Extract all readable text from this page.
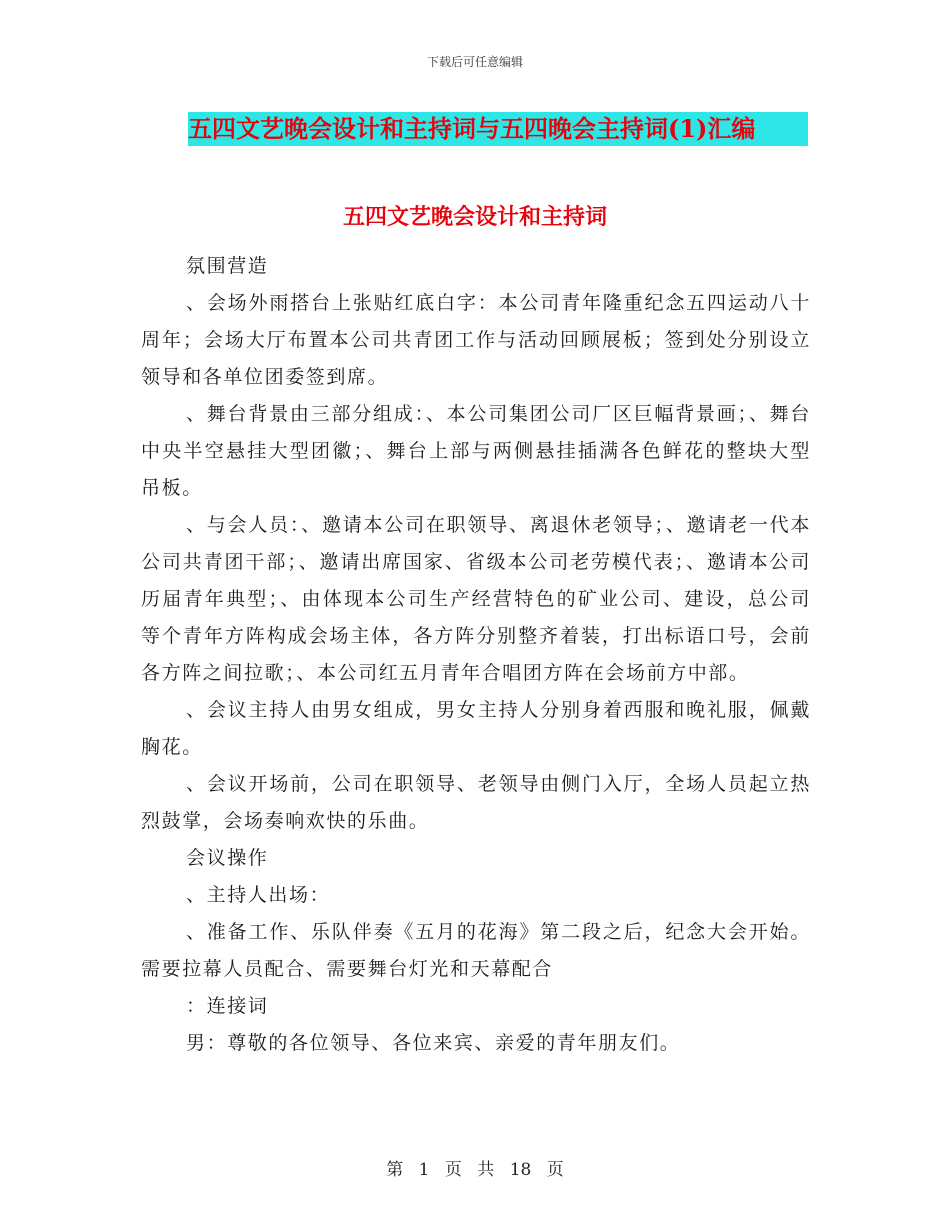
下载后可任意编辑
五四文艺晚会设计和主持词与五四晚会主持词(1)汇编
五四文艺晚会设计和主持词

氛围营造

、会场外雨搭台上张贴红底白字：本公司青年隆重纪念五四运动八十周年；会场大厅布置本公司共青团工作与活动回顾展板；签到处分别设立领导和各单位团委签到席。

、舞台背景由三部分组成：、本公司集团公司厂区巨幅背景画；、舞台中央半空悬挂大型团徽；、舞台上部与两侧悬挂插满各色鲜花的整块大型吊板。

、与会人员：、邀请本公司在职领导、离退休老领导；、邀请老一代本公司共青团干部；、邀请出席国家、省级本公司老劳模代表；、邀请本公司历届青年典型；、由体现本公司生产经营特色的矿业公司、建设，总公司等个青年方阵构成会场主体，各方阵分别整齐着装，打出标语口号，会前各方阵之间拉歌；、本公司红五月青年合唱团方阵在会场前方中部。

、会议主持人由男女组成，男女主持人分别身着西服和晚礼服，佩戴胸花。

、会议开场前，公司在职领导、老领导由侧门入厅，全场人员起立热烈鼓掌，会场奏响欢快的乐曲。

会议操作

、主持人出场：

、准备工作、乐队伴奏《五月的花海》第二段之后，纪念大会开始。需要拉幕人员配合、需要舞台灯光和天幕配合

：连接词

男：尊敬的各位领导、各位来宾、亲爱的青年朋友们。

第 1 页 共 18 页
